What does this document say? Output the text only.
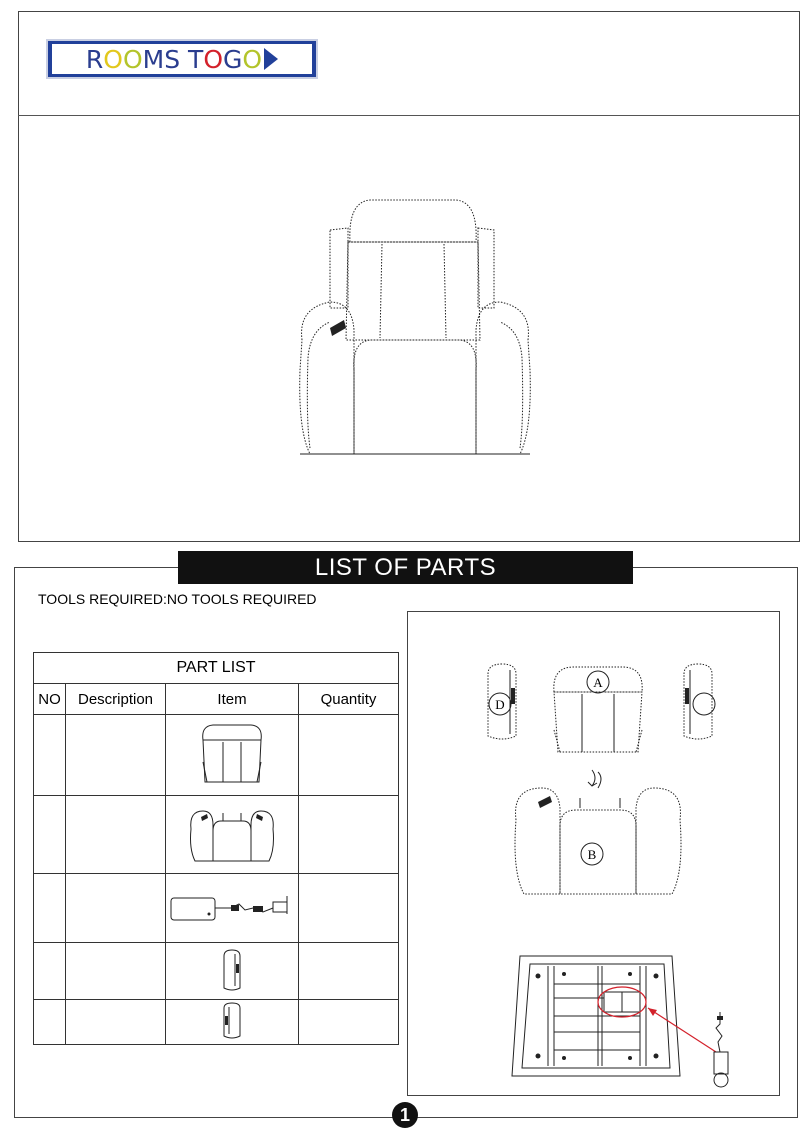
R O O MS T O G O
LIST OF PARTS
TOOLS REQUIRED:NO TOOLS REQUIRED
PART LIST			
NO	Description	Item	Quantity

		D
A
B
1
